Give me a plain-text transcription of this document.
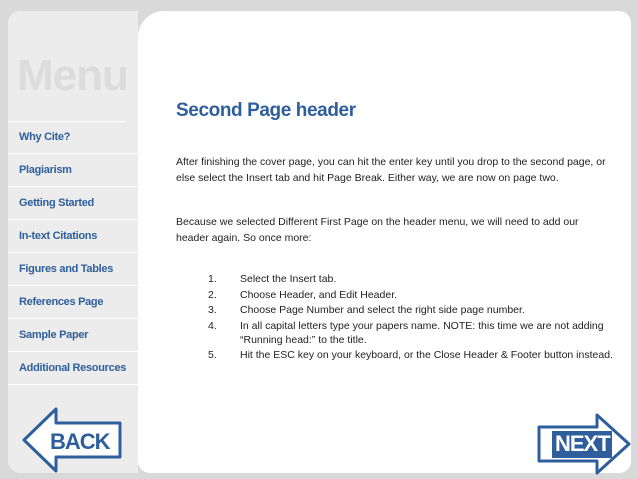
Menu
Why Cite?
Plagiarism
Getting Started
In-text Citations
Figures and Tables
References Page
Sample Paper
Additional Resources
Second Page header

After finishing the cover page, you can hit the enter key until you drop to the second page, or else select the Insert tab and hit Page Break. Either way, we are now on page two.

Because we selected Different First Page on the header menu, we will need to add our header again. So once more:

1.	Select the Insert tab.
2.	Choose Header, and Edit Header.
3.	Choose Page Number and select the right side page number.
4.	In all capital letters type your papers name. NOTE: this time we are not adding “Running head:” to the title.
5.	Hit the ESC key on your keyboard, or the Close Header & Footer button instead.
BACK	NEXT
